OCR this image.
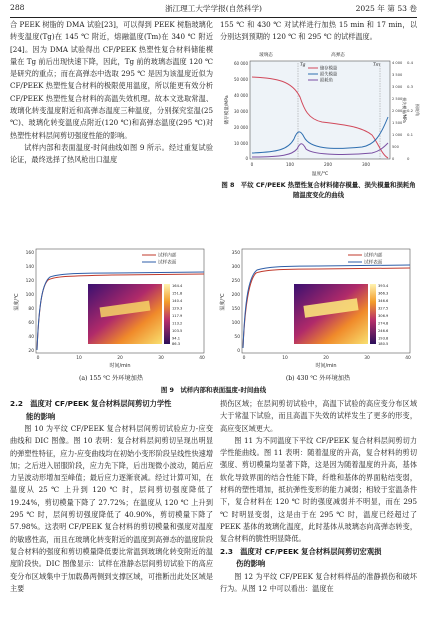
288	浙江理工大学学报(自然科学)	2025 年 第 53 卷

合 PEEK 树脂的 DMA 试验[23]，可以得到 PEEK 树脂玻璃化转变温度(Tg)在 145 ℃ 附近，熔融温度(Tm)在 340 ℃ 附近[24]。因为 DMA 试验得出 CF/PEEK 热塑性复合材料储能模量在 Tg 前后出现快速下降，因此，Tg 前的玻璃态温度 120 ℃ 是研究的重点；而在高弹态中选取 295 ℃ 是因为该温度近似为 CF/PEEK 热塑性复合材料的极限使用温度，所以能更有效分析 CF/PEEK 热塑性复合材料的高温失效机理。故本文选取常温、玻璃化转变温度附近和高弹态温度三种温度，分别探究室温(25 ℃)、玻璃化转变温度点附近(120 ℃)和高弹态温度(295 ℃)对热塑性材料层间剪切强度性能的影响。

试样内部和表面温度-时间曲线如图 9 所示。经过重复试验论证，最终选择了热风枪出口温度

155 ℃ 和 430 ℃ 对试样进行加热 15 min 和 17 min，以分别达到预期的 120 ℃ 和 295 ℃ 的试样温度。

60 000
50 000
40 000
30 000
20 000
10 000
0
4 000
3 500
3 000
2 500
2 000
1 500
1 000
500
0
0.4
0.3
0.2
0.1
0
储存模量/MPa	损失模量/MPa 损耗角
0	100	200	300
温度/℃
玻璃态	高弹态
Tg	Tm
储存模量
损失模量
损耗角
图 8　平纹 CF/PEEK 热塑性复合材料储存模量、损失模量和损耗角随温度变化的曲线
160
140
120
100
80
60
40
20
0	10	20	30	40
温度/℃
时间/min
试样内部
试样表面
164.4
151.8
140.4
129.3
117.9
113.2
103.5
94.1
86.3
(a) 155 ℃ 外环境加热
350
300
250
200
150
100
50
0
0	10	20	30	40
温度/℃
时间/min
试样内部
试样表面
393.4
366.3
346.6
327.5
306.9
274.8
246.6
193.8
180.5
(b) 430 ℃ 外环境加热
图 9　试样内部和表面温度-时间曲线
2.2　温度对 CF/PEEK 复合材料层间剪切力学性
能的影响

图 10 为平纹 CF/PEEK 复合材料层间剪切试验应力-应变曲线和 DIC 图像。图 10 表明：复合材料层间剪切呈现出明显的弹塑性特征，应力-应变曲线均在初始小变形阶段呈线性快速增加；之后进入屈服阶段，应力先下降，后出现微小波动，随后应力呈波动形增加至峰值；最后应力逐渐衰减。经过计算可知，在温度从 25 ℃ 上升到 120 ℃ 时，层间剪切强度降低了 19.24%，剪切模量下降了 27.72%；在温度从 120 ℃ 上升到 295 ℃ 时，层间剪切强度降低了 40.90%，剪切模量下降了 57.98%。这表明 CF/PEEK 复合材料的剪切模量和强度对温度的敏感性高，而且在玻璃化转变附近的温度到高弹态的温度阶段复合材料的强度和剪切模量降低要比常温到玻璃化转变附近的温度阶段快。DIC 图像显示：试样在准静态层间剪切试验下的高应变分布区域集中于加载鼻两侧到支撑区域，可推断出此处区域是主要

损伤区域；在层间剪切试验中，高温下试验的高应变分布区域大于常温下试验，而且高温下失效的试样发生了更多的形变，高应变区域更大。

图 11 为不同温度下平纹 CF/PEEK 复合材料层间剪切力学性能曲线。图 11 表明：随着温度的升高，复合材料的剪切强度、剪切模量均显著下降，这是因为随着温度的升高，基体软化导致界面的结合性能下降，纤维和基体的界面粘结变弱，材料的塑性增加，抵抗弹性变形的能力减弱；相较于室温条件下，复合材料在 120 ℃ 时的强度减弱并不明显，而在 295 ℃ 时明显变弱，这是由于在 295 ℃ 时，温度已经超过了 PEEK 基体的玻璃化温度，此时基体从玻璃态向高弹态转变，复合材料的脆性明显降低。

2.3　温度对 CF/PEEK 复合材料层间剪切宏观损
伤的影响

图 12 为平纹 CF/PEEK 复合材料样品的准静损伤和破坏行为。从图 12 中可以看出：温度在
